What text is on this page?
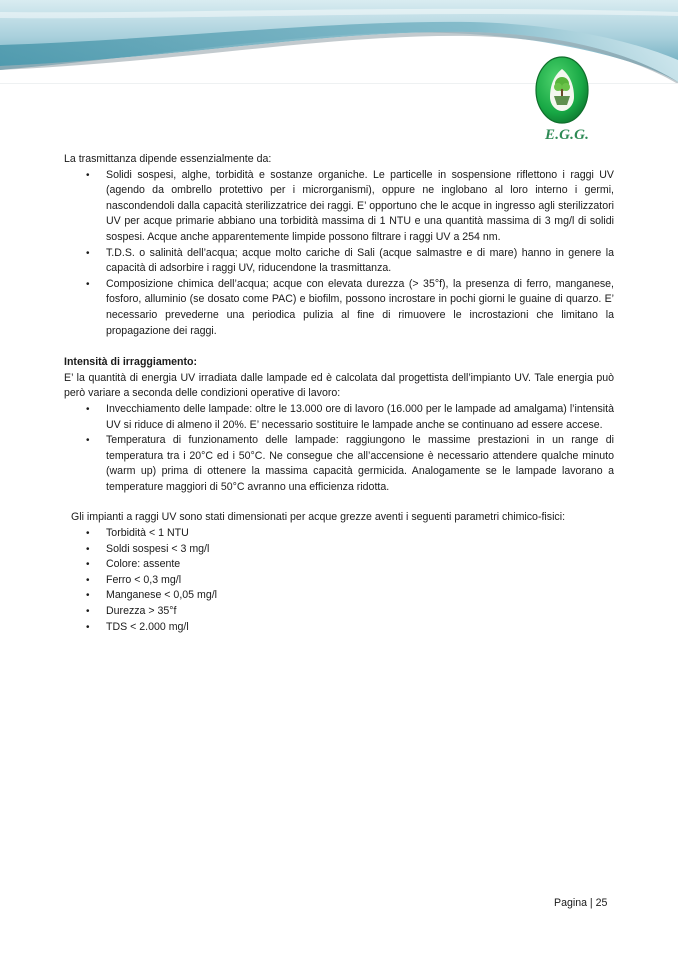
E.G.G.

La trasmittanza dipende essenzialmente da:

• Solidi sospesi, alghe, torbidità e sostanze organiche. Le particelle in sospensione riflettono i raggi UV (agendo da ombrello protettivo per i microrganismi), oppure ne inglobano al loro interno i germi, nascondendoli dalla capacità sterilizzatrice dei raggi. E’ opportuno che le acque in ingresso agli sterilizzatori UV per acque primarie abbiano una torbidità massima di 1 NTU e una quantità massima di 3 mg/l di solidi sospesi. Acque anche apparentemente limpide possono filtrare i raggi UV a 254 nm.
• T.D.S. o salinità dell’acqua; acque molto cariche di Sali (acque salmastre e di mare) hanno in genere la capacità di adsorbire i raggi UV, riducendone la trasmittanza.
• Composizione chimica dell’acqua; acque con elevata durezza (> 35°f), la presenza di ferro, manganese, fosforo, alluminio (se dosato come PAC) e biofilm, possono incrostare in pochi giorni le guaine di quarzo. E’ necessario prevederne una periodica pulizia al fine di rimuovere le incrostazioni che limitano la propagazione dei raggi.

Intensità di irraggiamento:

E’ la quantità di energia UV irradiata dalle lampade ed è calcolata dal progettista dell’impianto UV. Tale energia può però variare a seconda delle condizioni operative di lavoro:

• Invecchiamento delle lampade: oltre le 13.000 ore di lavoro (16.000 per le lampade ad amalgama) l’intensità UV si riduce di almeno il 20%. E’ necessario sostituire le lampade anche se continuano ad essere accese.
• Temperatura di funzionamento delle lampade: raggiungono le massime prestazioni in un range di temperatura tra i 20°C ed i 50°C. Ne consegue che all’accensione è necessario attendere qualche minuto (warm up) prima di ottenere la massima capacità germicida. Analogamente se le lampade lavorano a temperature maggiori di 50°C avranno una efficienza ridotta.

Gli impianti a raggi UV sono stati dimensionati per acque grezze aventi i seguenti parametri chimico-fisici:

• Torbidità < 1 NTU
• Soldi sospesi < 3 mg/l
• Colore: assente
• Ferro < 0,3 mg/l
• Manganese < 0,05 mg/l
• Durezza > 35°f
• TDS < 2.000 mg/l
Pagina | 25
